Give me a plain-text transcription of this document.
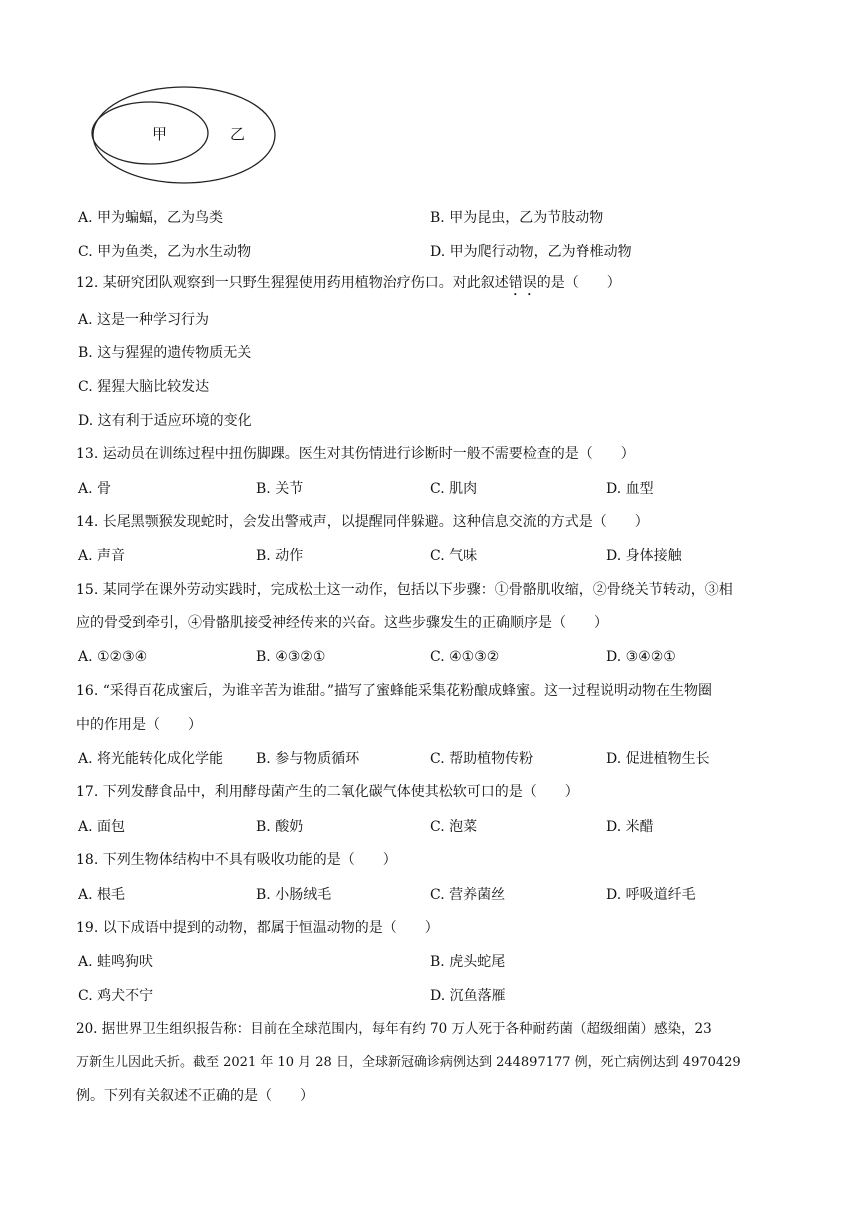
甲	乙
A. 甲为蝙蝠，乙为鸟类	B. 甲为昆虫，乙为节肢动物
C. 甲为鱼类，乙为水生动物	D. 甲为爬行动物，乙为脊椎动物
12. 某研究团队观察到一只野生猩猩使用药用植物治疗伤口。对此叙述错误的是（　　）
A. 这是一种学习行为
B. 这与猩猩的遗传物质无关
C. 猩猩大脑比较发达
D. 这有利于适应环境的变化
13. 运动员在训练过程中扭伤脚踝。医生对其伤情进行诊断时一般不需要检查的是（　　）
A. 骨	B. 关节	C. 肌肉	D. 血型
14. 长尾黑颚猴发现蛇时，会发出警戒声，以提醒同伴躲避。这种信息交流的方式是（　　）
A. 声音	B. 动作	C. 气味	D. 身体接触
15. 某同学在课外劳动实践时，完成松土这一动作，包括以下步骤：①骨骼肌收缩，②骨绕关节转动，③相
应的骨受到牵引，④骨骼肌接受神经传来的兴奋。这些步骤发生的正确顺序是（　　）
A. ①②③④	B. ④③②①	C. ④①③②	D. ③④②①
16. “采得百花成蜜后，为谁辛苦为谁甜。”描写了蜜蜂能采集花粉酿成蜂蜜。这一过程说明动物在生物圈
中的作用是（　　）
A. 将光能转化成化学能 B. 参与物质循环	C. 帮助植物传粉	D. 促进植物生长
17. 下列发酵食品中，利用酵母菌产生的二氧化碳气体使其松软可口的是（　　）
A. 面包	B. 酸奶	C. 泡菜	D. 米醋
18. 下列生物体结构中不具有吸收功能的是（　　）
A. 根毛	B. 小肠绒毛	C. 营养菌丝	D. 呼吸道纤毛
19. 以下成语中提到的动物，都属于恒温动物的是（　　）
A. 蛙鸣狗吠	B. 虎头蛇尾
C. 鸡犬不宁	D. 沉鱼落雁
20. 据世界卫生组织报告称：目前在全球范围内，每年有约 70 万人死于各种耐药菌（超级细菌）感染，23
万新生儿因此夭折。截至 2021 年 10 月 28 日，全球新冠确诊病例达到 244897177 例，死亡病例达到 4970429
例。下列有关叙述不正确的是（　　）
